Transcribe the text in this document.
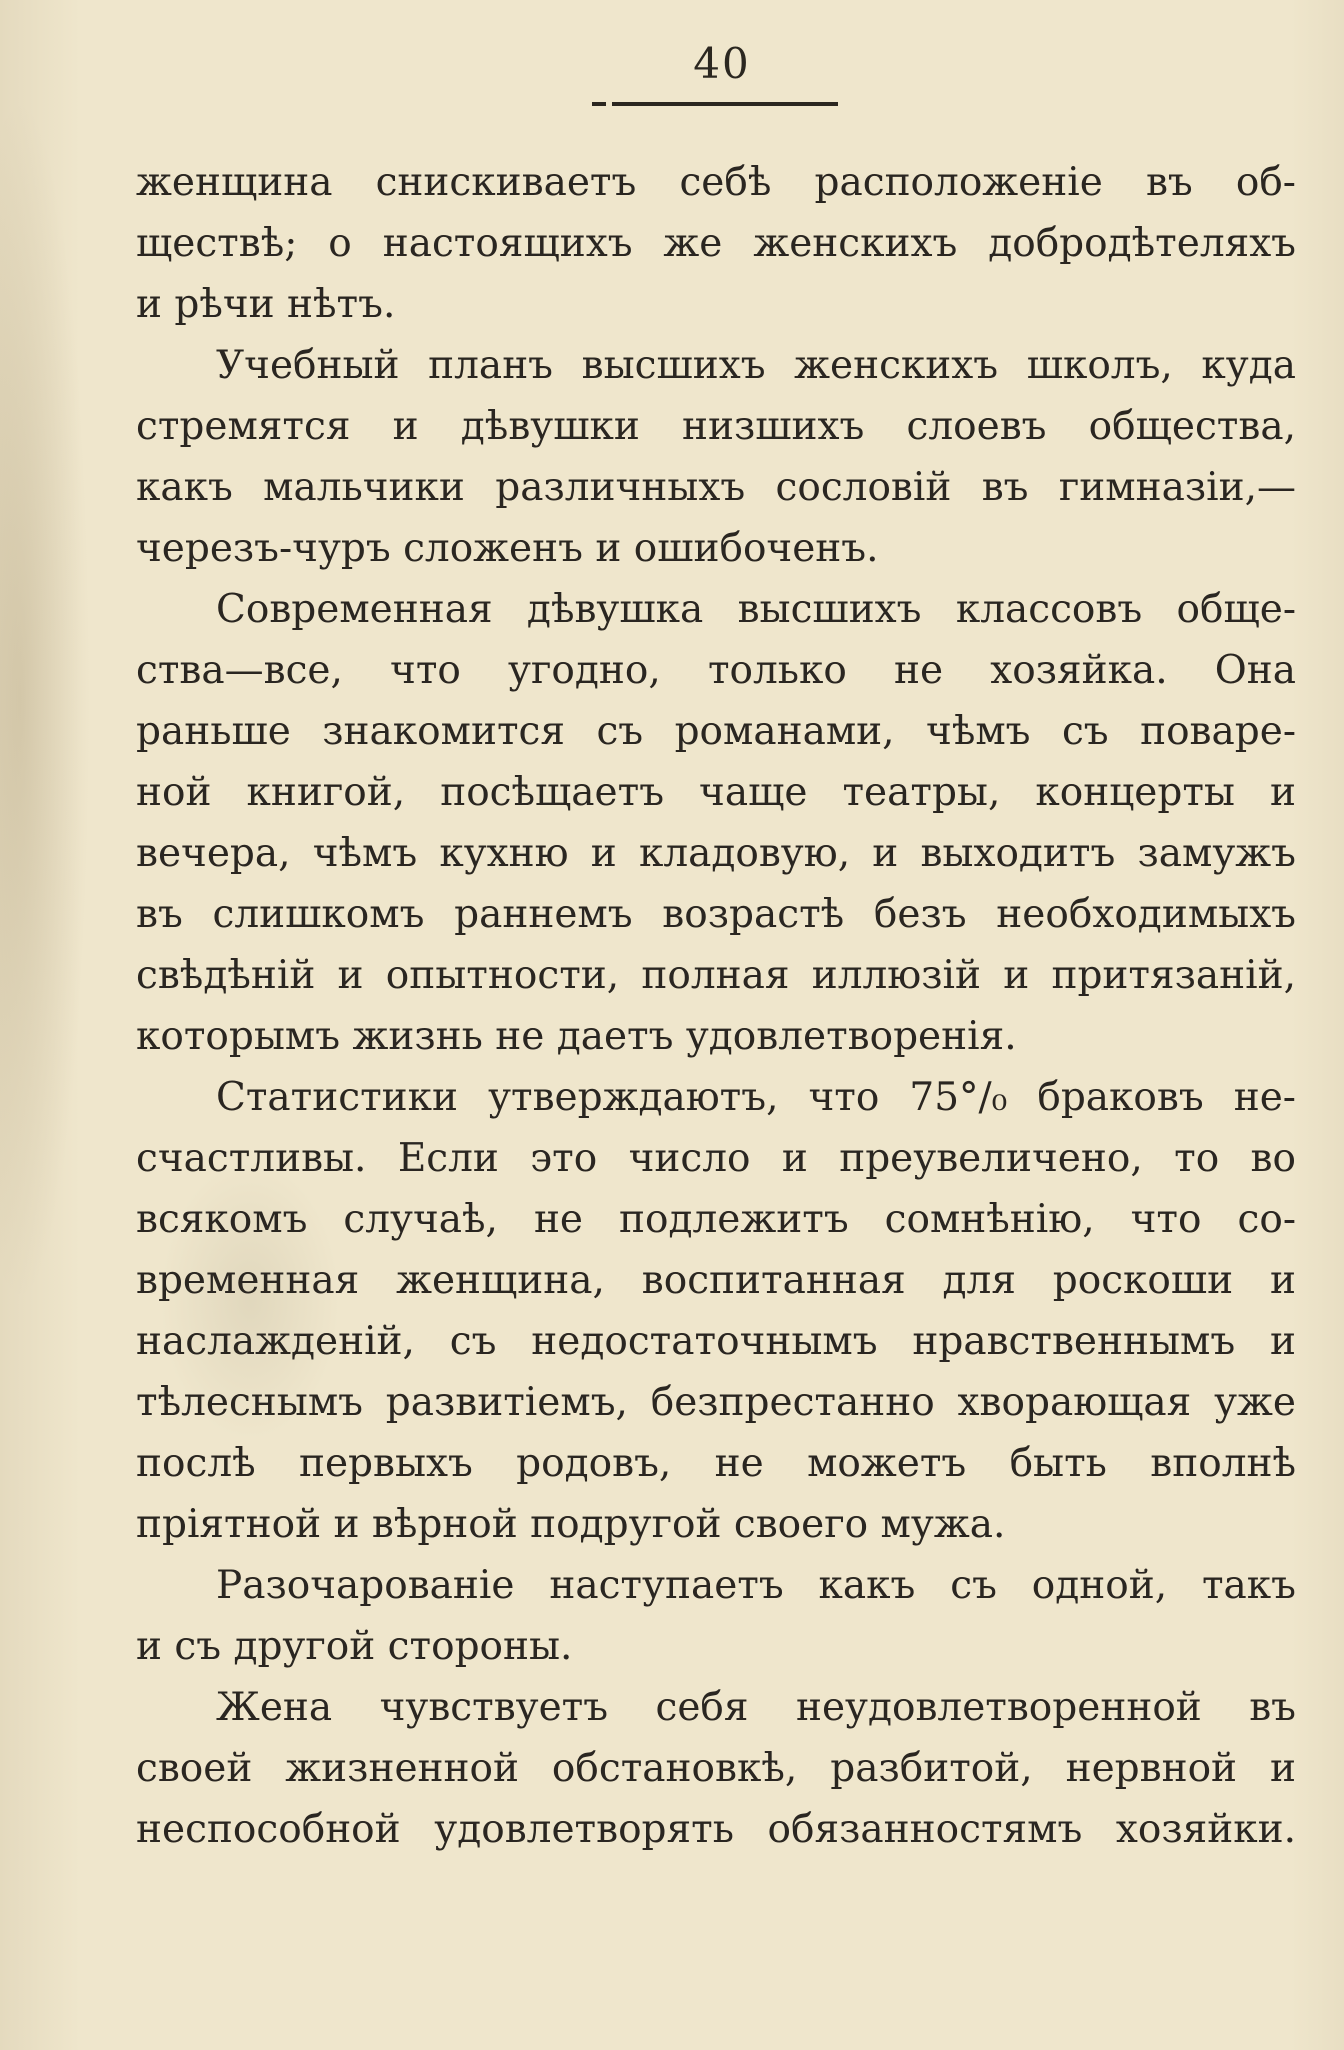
40
женщина снискиваетъ себѣ расположеніе въ об-
ществѣ; о настоящихъ же женскихъ добродѣтеляхъ
и рѣчи нѣтъ.
Учебный планъ высшихъ женскихъ школъ, куда
стремятся и дѣвушки низшихъ слоевъ общества,
какъ мальчики различныхъ сословій въ гимназіи,—
черезъ-чуръ сложенъ и ошибоченъ.
Современная дѣвушка высшихъ классовъ обще-
ства—все, что угодно, только не хозяйка. Она
раньше знакомится съ романами, чѣмъ съ поваре-
ной книгой, посѣщаетъ чаще театры, концерты и
вечера, чѣмъ кухню и кладовую, и выходитъ замужъ
въ слишкомъ раннемъ возрастѣ безъ необходимыхъ
свѣдѣній и опытности, полная иллюзій и притязаній,
которымъ жизнь не даетъ удовлетворенія.
Статистики утверждаютъ, что 75°/₀ браковъ не-
счастливы. Если это число и преувеличено, то во
всякомъ случаѣ, не подлежитъ сомнѣнію, что со-
временная женщина, воспитанная для роскоши и
наслажденій, съ недостаточнымъ нравственнымъ и
тѣлеснымъ развитіемъ, безпрестанно хворающая уже
послѣ первыхъ родовъ, не можетъ быть вполнѣ
пріятной и вѣрной подругой своего мужа.
Разочарованіе наступаетъ какъ съ одной, такъ
и съ другой стороны.
Жена чувствуетъ себя неудовлетворенной въ
своей жизненной обстановкѣ, разбитой, нервной и
неспособной удовлетворять обязанностямъ хозяйки.
